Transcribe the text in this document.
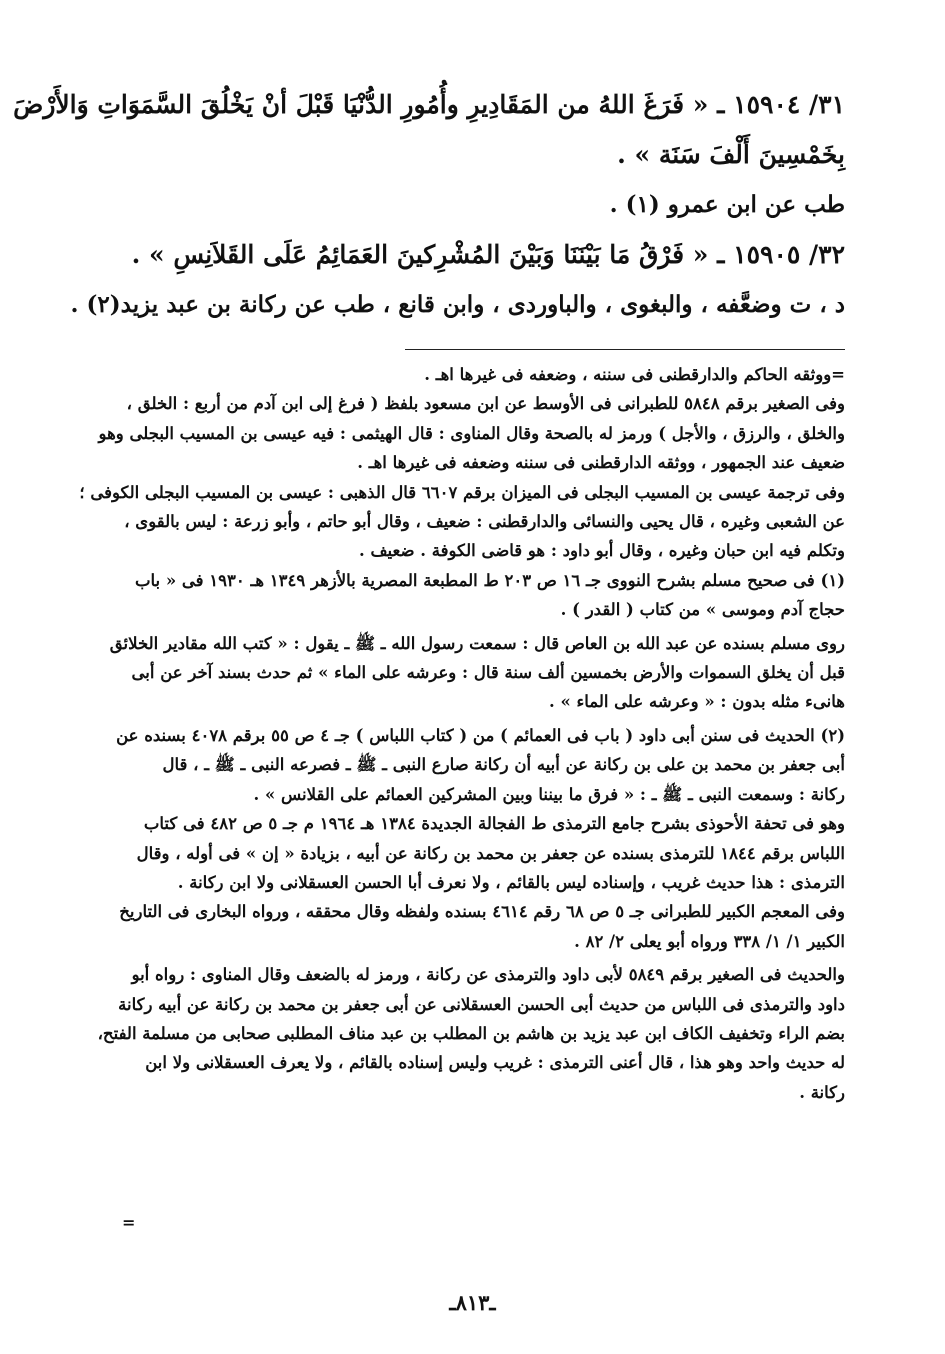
٣١/ ١٥٩٠٤ ـ « فَرَغَ اللهُ من المَقَادِيرِ وأُمُورِ الدُّنْيَا قَبْلَ أنْ يَخْلُقَ السَّمَوَاتِ وَالأَرْضَ
بِخَمْسِينَ أَلْفَ سَنَة » .
طب عن ابن عمرو (١) .
٣٢/ ١٥٩٠٥ ـ « فَرْقُ مَا بَيْنَنَا وَبَيْنَ المُشْرِكينَ العَمَائِمُ عَلَى القَلاَنِسِ » .
د ، ت وضعَّفه ، والبغوى ، والباوردى ، وابن قانع ، طب عن ركانة بن عبد يزيد(٢) .
=ووثقه الحاكم والدارقطنى فى سننه ، وضعفه فى غيرها اهـ .
وفى الصغير برقم ٥٨٤٨ للطبرانى فى الأوسط عن ابن مسعود بلفظ ( فرغ إلى ابن آدم من أربع : الخلق ،
والخلق ، والرزق ، والأجل ) ورمز له بالصحة وقال المناوى : قال الهيثمى : فيه عيسى بن المسيب البجلى وهو
ضعيف عند الجمهور ، ووثقه الدارقطنى فى سننه وضعفه فى غيرها اهـ .
وفى ترجمة عيسى بن المسيب البجلى فى الميزان برقم ٦٦٠٧ قال الذهبى : عيسى بن المسيب البجلى الكوفى ؛
عن الشعبى وغيره ، قال يحيى والنسائى والدارقطنى : ضعيف ، وقال أبو حاتم ، وأبو زرعة : ليس بالقوى ،
وتكلم فيه ابن حبان وغيره ، وقال أبو داود : هو قاضى الكوفة . ضعيف .
(١) فى صحيح مسلم بشرح النووى جـ ١٦ ص ٢٠٣ ط المطبعة المصرية بالأزهر ١٣٤٩ هـ ١٩٣٠ فى « باب
حجاج آدم وموسى » من كتاب ( القدر ) .
روى مسلم بسنده عن عبد الله بن العاص قال : سمعت رسول الله ـ ﷺ ـ يقول : « كتب الله مقادير الخلائق
قبل أن يخلق السموات والأرض بخمسين ألف سنة قال : وعرشه على الماء » ثم حدث بسند آخر عن أبى
هانىء مثله بدون : « وعرشه على الماء » .
(٢) الحديث فى سنن أبى داود ( باب فى العمائم ) من ( كتاب اللباس ) جـ ٤ ص ٥٥ برقم ٤٠٧٨ بسنده عن
أبى جعفر بن محمد بن على بن ركانة عن أبيه أن ركانة صارع النبى ـ ﷺ ـ فصرعه النبى ـ ﷺ ـ ، قال
ركانة : وسمعت النبى ـ ﷺ ـ : « فرق ما بيننا وبين المشركين العمائم على القلانس » .
وهو فى تحفة الأحوذى بشرح جامع الترمذى ط الفجالة الجديدة ١٣٨٤ هـ ١٩٦٤ م جـ ٥ ص ٤٨٢ فى كتاب
اللباس برقم ١٨٤٤ للترمذى بسنده عن جعفر بن محمد بن ركانة عن أبيه ، بزيادة « إن » فى أوله ، وقال
الترمذى : هذا حديث غريب ، وإسناده ليس بالقائم ، ولا نعرف أبا الحسن العسقلانى ولا ابن ركانة .
وفى المعجم الكبير للطبرانى جـ ٥ ص ٦٨ رقم ٤٦١٤ بسنده ولفظه وقال محققه ، ورواه البخارى فى التاريخ
الكبير ١/ ١/ ٣٣٨ ورواه أبو يعلى ٢/ ٨٢ .
والحديث فى الصغير برقم ٥٨٤٩ لأبى داود والترمذى عن ركانة ، ورمز له بالضعف وقال المناوى : رواه أبو
داود والترمذى فى اللباس من حديث أبى الحسن العسقلانى عن أبى جعفر بن محمد بن ركانة عن أبيه ركانة
بضم الراء وتخفيف الكاف ابن عبد يزيد بن هاشم بن المطلب بن عبد مناف المطلبى صحابى من مسلمة الفتح،
له حديث واحد وهو هذا ، قال أعنى الترمذى : غريب وليس إسناده بالقائم ، ولا يعرف العسقلانى ولا ابن
ركانة .
=
ـ٨١٣ـ
